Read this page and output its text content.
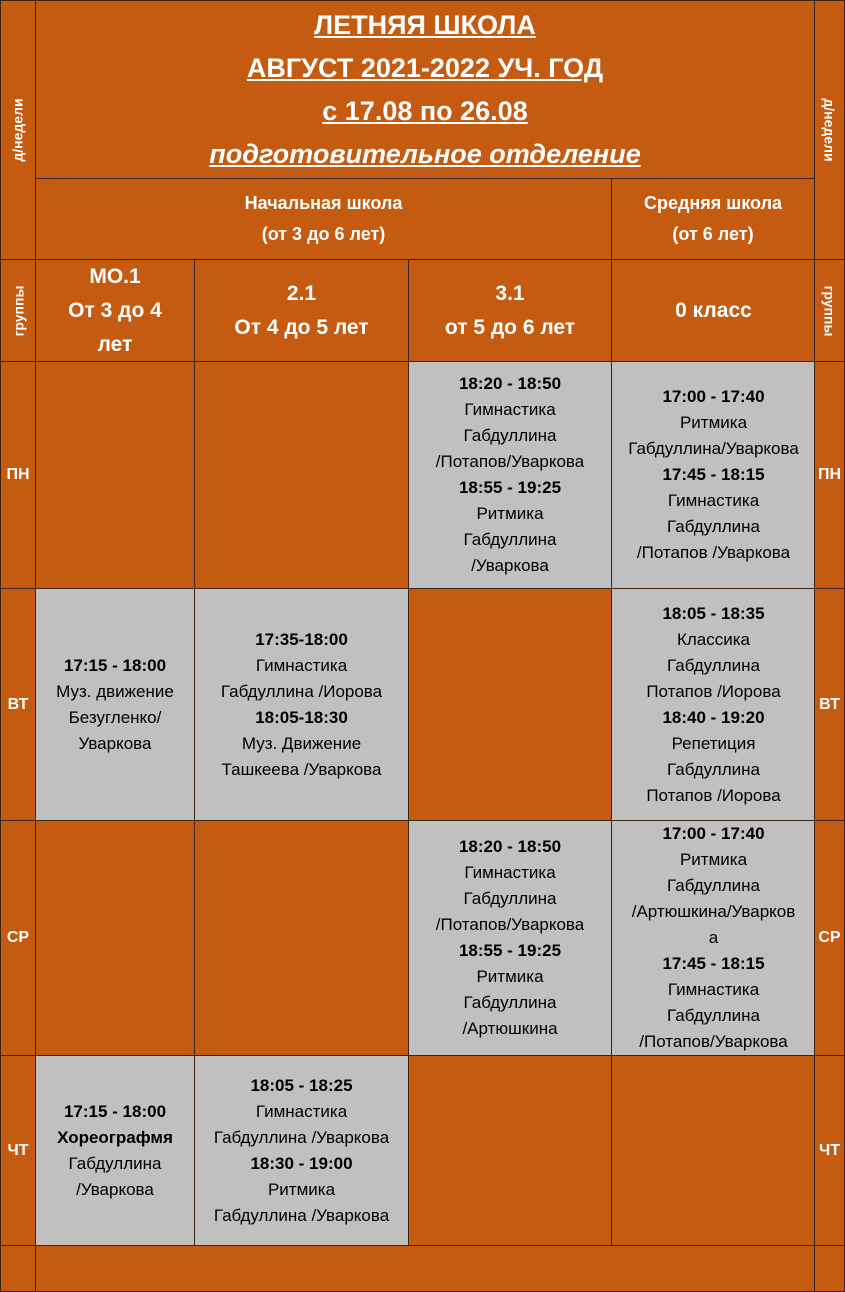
д/недели
ЛЕТНЯЯ ШКОЛА
АВГУСТ 2021-2022 УЧ. ГОД
с 17.08 по 26.08
подготовительное отделение	д/недели
Начальная школа
(от 3 до 6 лет)
Средняя школа
(от 6 лет)
группы
МО.1
От 3 до 4
лет
2.1
От 4 до 5 лет
3.1
от 5 до 6 лет
0 класс	группы
ПН
18:20 - 18:50
Гимнастика
Габдуллина
/Потапов/Уваркова
18:55 - 19:25
Ритмика
Габдуллина
/Уваркова
17:00 - 17:40
Ритмика
Габдуллина/Уваркова
17:45 - 18:15
Гимнастика
Габдуллина
/Потапов /Уваркова
ПН
ВТ
17:15 - 18:00
Муз. движение
Безугленко/
Уваркова
17:35-18:00
Гимнастика
Габдуллина /Иорова
18:05-18:30
Муз. Движение
Ташкеева /Уваркова
18:05 - 18:35
Классика
Габдуллина
Потапов /Иорова
18:40 - 19:20
Репетиция
Габдуллина
Потапов /Иорова
ВТ
СР
18:20 - 18:50
Гимнастика
Габдуллина
/Потапов/Уваркова
18:55 - 19:25
Ритмика
Габдуллина
/Артюшкина
17:00 - 17:40
Ритмика
Габдуллина
/Артюшкина/Уварков
а
17:45 - 18:15
Гимнастика
Габдуллина
/Потапов/Уваркова
СР
ЧТ
17:15 - 18:00
Хореографмя
Габдуллина
/Уваркова
18:05 - 18:25
Гимнастика
Габдуллина /Уваркова
18:30 - 19:00
Ритмика
Габдуллина /Уваркова
ЧТ
